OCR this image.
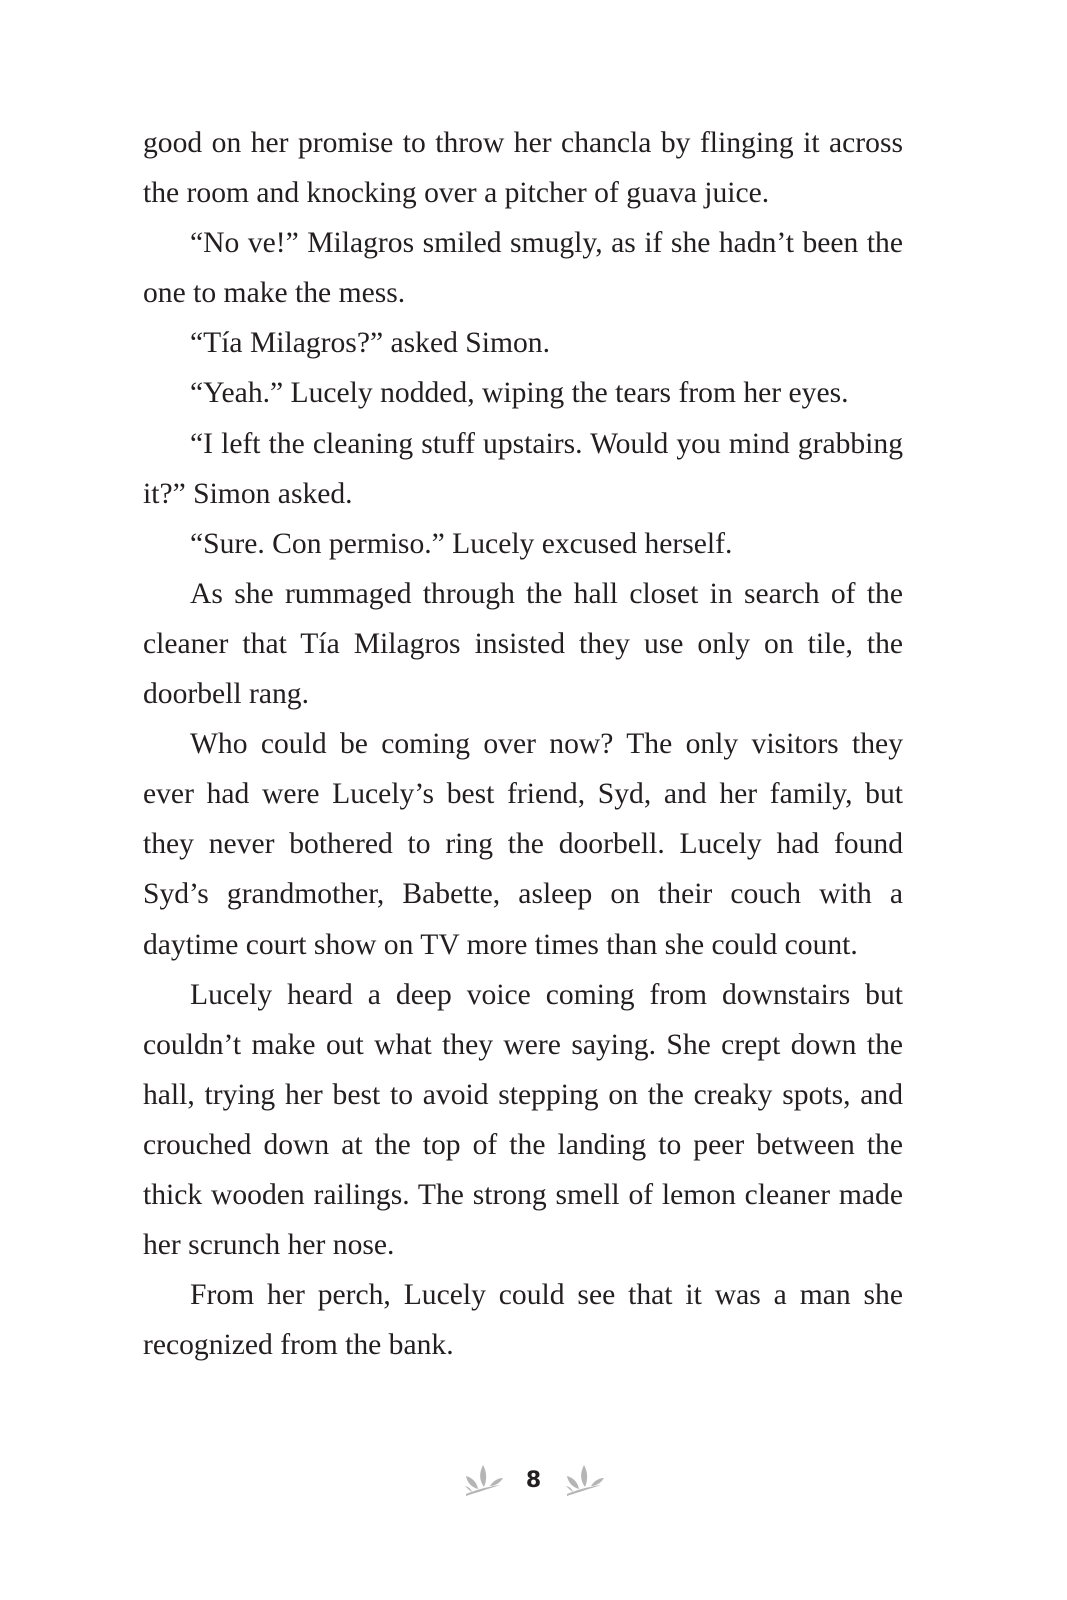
good on her promise to throw her chancla by flinging it across the room and knocking over a pitcher of guava juice.

“No ve!” Milagros smiled smugly, as if she hadn’t been the one to make the mess.

“Tía Milagros?” asked Simon.

“Yeah.” Lucely nodded, wiping the tears from her eyes.

“I left the cleaning stuff upstairs. Would you mind grabbing it?” Simon asked.

“Sure. Con permiso.” Lucely excused herself.

As she rummaged through the hall closet in search of the cleaner that Tía Milagros insisted they use only on tile, the doorbell rang.

Who could be coming over now? The only visitors they ever had were Lucely’s best friend, Syd, and her family, but they never bothered to ring the doorbell. Lucely had found Syd’s grandmother, Babette, asleep on their couch with a daytime court show on TV more times than she could count.

Lucely heard a deep voice coming from downstairs but couldn’t make out what they were saying. She crept down the hall, trying her best to avoid stepping on the creaky spots, and crouched down at the top of the landing to peer between the thick wooden railings. The strong smell of lemon cleaner made her scrunch her nose.

From her perch, Lucely could see that it was a man she recognized from the bank.

8
